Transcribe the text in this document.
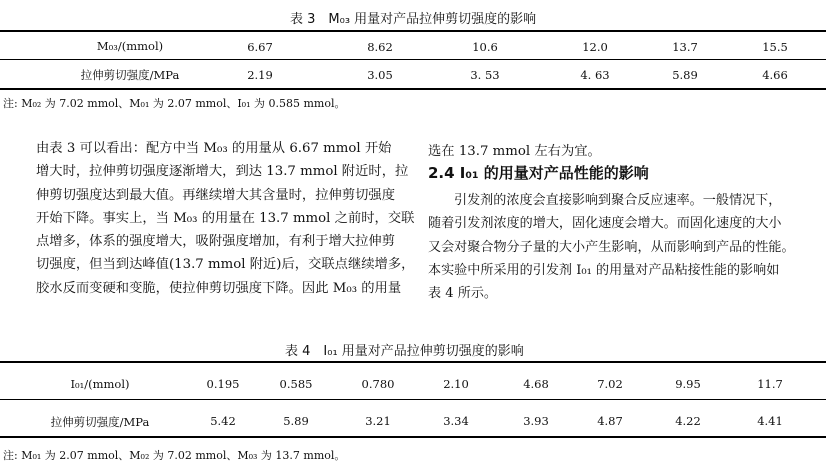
表 3　M₀₃ 用量对产品拉伸剪切强度的影响
M₀₃/(mmol)	6.67	8.62	10.6	12.0	13.7	15.5
拉伸剪切强度/MPa	2.19	3.05	3. 53	4. 63	5.89	4.66
注: M₀₂ 为 7.02 mmol、M₀₁ 为 2.07 mmol、I₀₁ 为 0.585 mmol。
由表 3 可以看出：配方中当 M₀₃ 的用量从 6.67 mmol 开始
增大时，拉伸剪切强度逐渐增大，到达 13.7 mmol 附近时，拉
伸剪切强度达到最大值。再继续增大其含量时，拉伸剪切强度
开始下降。事实上，当 M₀₃ 的用量在 13.7 mmol 之前时，交联
点增多，体系的强度增大，吸附强度增加，有利于增大拉伸剪
切强度，但当到达峰值(13.7 mmol 附近)后，交联点继续增多，
胶水反而变硬和变脆，使拉伸剪切强度下降。因此 M₀₃ 的用量
选在 13.7 mmol 左右为宜。
2.4 I₀₁ 的用量对产品性能的影响
引发剂的浓度会直接影响到聚合反应速率。一般情况下，
随着引发剂浓度的增大，固化速度会增大。而固化速度的大小
又会对聚合物分子量的大小产生影响，从而影响到产品的性能。
本实验中所采用的引发剂 I₀₁ 的用量对产品粘接性能的影响如
表 4 所示。
表 4　I₀₁ 用量对产品拉伸剪切强度的影响
I₀₁/(mmol)	0.195	0.585	0.780	2.10	4.68	7.02	9.95	11.7
拉伸剪切强度/MPa	5.42	5.89	3.21	3.34	3.93	4.87	4.22	4.41
注: M₀₁ 为 2.07 mmol、M₀₂ 为 7.02 mmol、M₀₃ 为 13.7 mmol。
